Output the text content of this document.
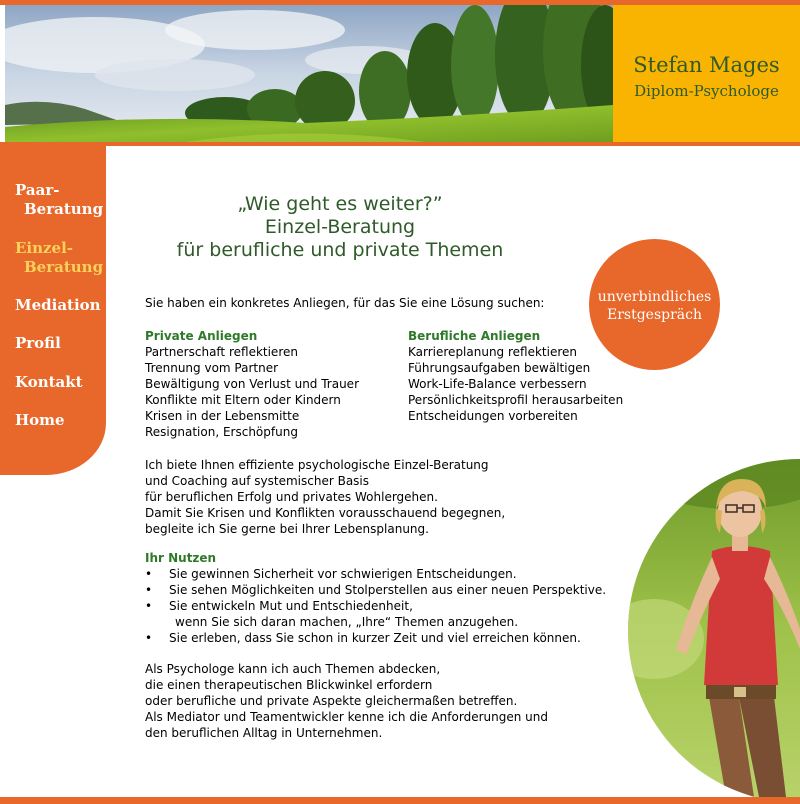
Stefan Mages
Diplom-Psychologe
Paar-
Beratung
Einzel-
Beratung
Mediation
Profil
Kontakt
Home
„Wie geht es weiter?”
Einzel-Beratung
für berufliche und private Themen
unverbindliches
Erstgespräch
Sie haben ein konkretes Anliegen, für das Sie eine Lösung suchen:
Private Anliegen
Partnerschaft reflektieren
Trennung vom Partner
Bewältigung von Verlust und Trauer
Konflikte mit Eltern oder Kindern
Krisen in der Lebensmitte
Resignation, Erschöpfung
Berufliche Anliegen
Karriereplanung reflektieren
Führungsaufgaben bewältigen
Work-Life-Balance verbessern
Persönlichkeitsprofil herausarbeiten
Entscheidungen vorbereiten
Ich biete Ihnen effiziente psychologische Einzel-Beratung
und Coaching auf systemischer Basis
für beruflichen Erfolg und privates Wohlergehen.
Damit Sie Krisen und Konflikten vorausschauend begegnen,
begleite ich Sie gerne bei Ihrer Lebensplanung.
Ihr Nutzen
• Sie gewinnen Sicherheit vor schwierigen Entscheidungen.
• Sie sehen Möglichkeiten und Stolperstellen aus einer neuen Perspektive.
• Sie entwickeln Mut und Entschiedenheit,
wenn Sie sich daran machen, „Ihre“ Themen anzugehen.
• Sie erleben, dass Sie schon in kurzer Zeit und viel erreichen können.
Als Psychologe kann ich auch Themen abdecken,
die einen therapeutischen Blickwinkel erfordern
oder berufliche und private Aspekte gleichermaßen betreffen.
Als Mediator und Teamentwickler kenne ich die Anforderungen und
den beruflichen Alltag in Unternehmen.
